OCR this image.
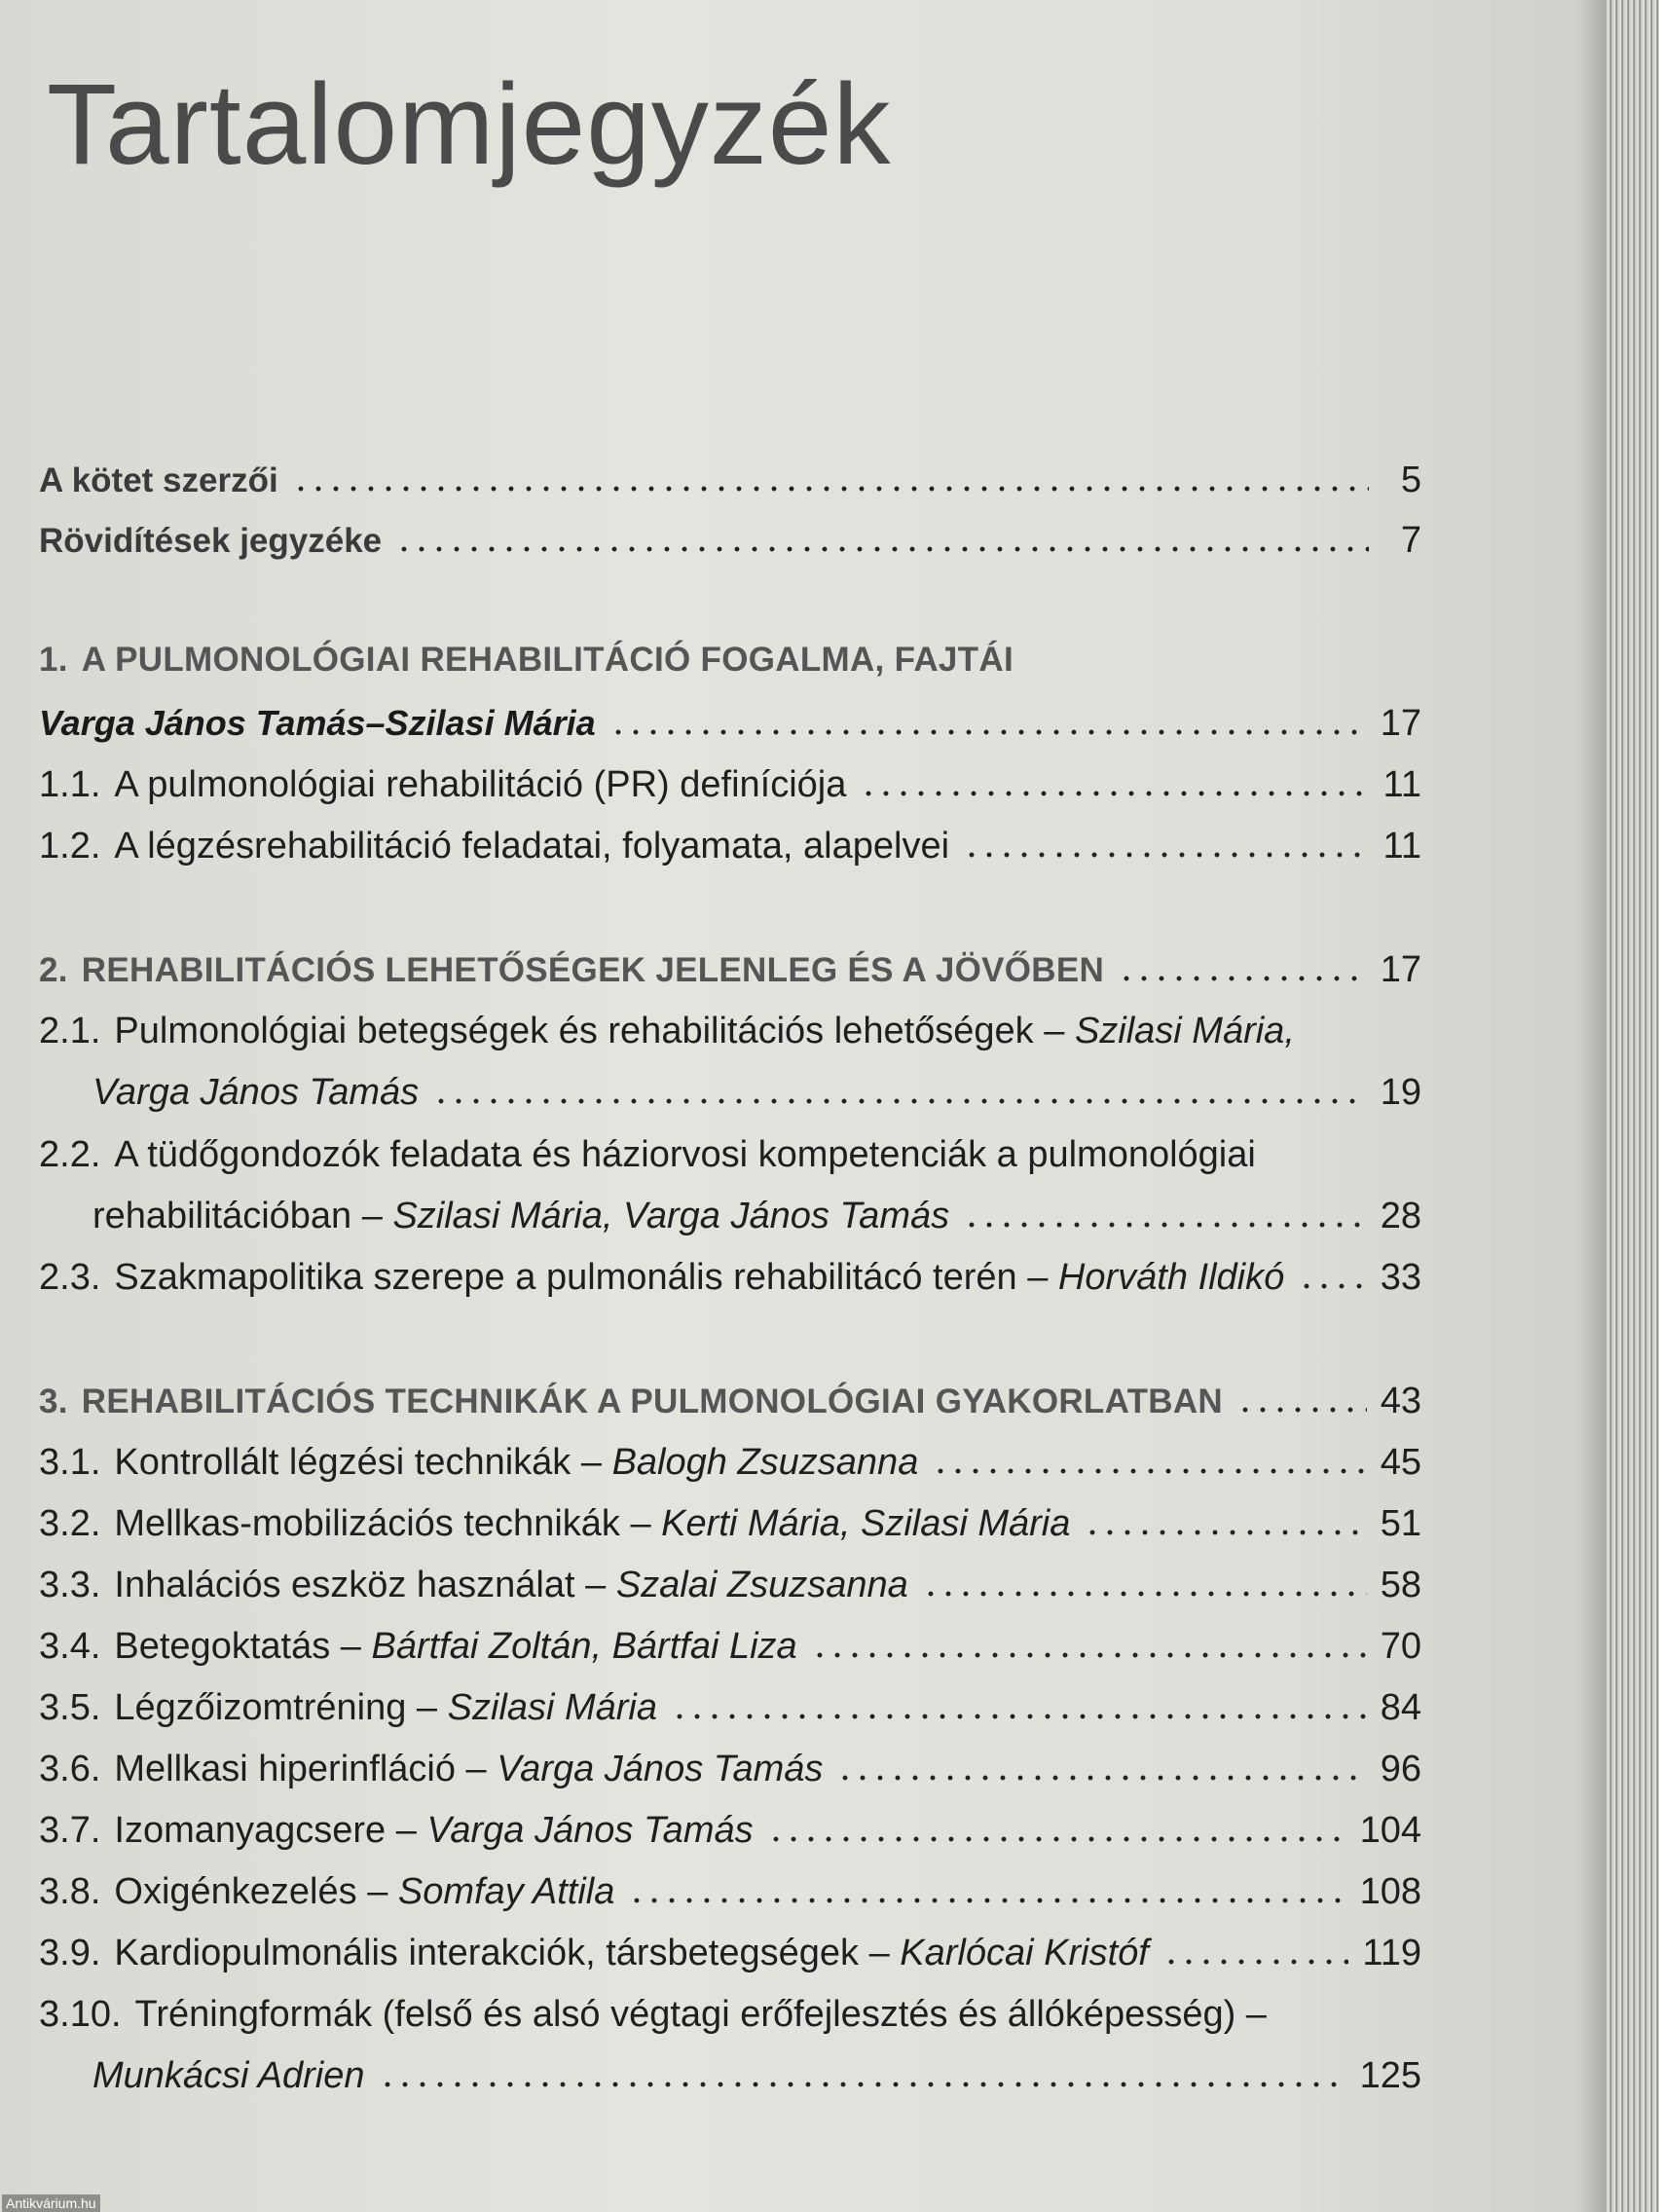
Tartalomjegyzék
A kötet szerzői	5
Rövidítések jegyzéke	7
1. A PULMONOLÓGIAI REHABILITÁCIÓ FOGALMA, FAJTÁI
Varga János Tamás–Szilasi Mária	17
1.1. A pulmonológiai rehabilitáció (PR) definíciója	11
1.2. A légzésrehabilitáció feladatai, folyamata, alapelvei	11
2. REHABILITÁCIÓS LEHETŐSÉGEK JELENLEG ÉS A JÖVŐBEN	17
2.1. Pulmonológiai betegségek és rehabilitációs lehetőségek – Szilasi Mária,
Varga János Tamás	19
2.2. A tüdőgondozók feladata és háziorvosi kompetenciák a pulmonológiai
rehabilitációban – Szilasi Mária, Varga János Tamás	28
2.3. Szakmapolitika szerepe a pulmonális rehabilitácó terén – Horváth Ildikó	33
3. REHABILITÁCIÓS TECHNIKÁK A PULMONOLÓGIAI GYAKORLATBAN	43
3.1. Kontrollált légzési technikák – Balogh Zsuzsanna	45
3.2. Mellkas-mobilizációs technikák – Kerti Mária, Szilasi Mária	51
3.3. Inhalációs eszköz használat – Szalai Zsuzsanna	58
3.4. Betegoktatás – Bártfai Zoltán, Bártfai Liza	70
3.5. Légzőizomtréning – Szilasi Mária	84
3.6. Mellkasi hiperinfláció – Varga János Tamás	96
3.7. Izomanyagcsere – Varga János Tamás	104
3.8. Oxigénkezelés – Somfay Attila	108
3.9. Kardiopulmonális interakciók, társbetegségek – Karlócai Kristóf	119
3.10. Tréningformák (felső és alsó végtagi erőfejlesztés és állóképesség) –
Munkácsi Adrien	125
Antikvárium.hu
